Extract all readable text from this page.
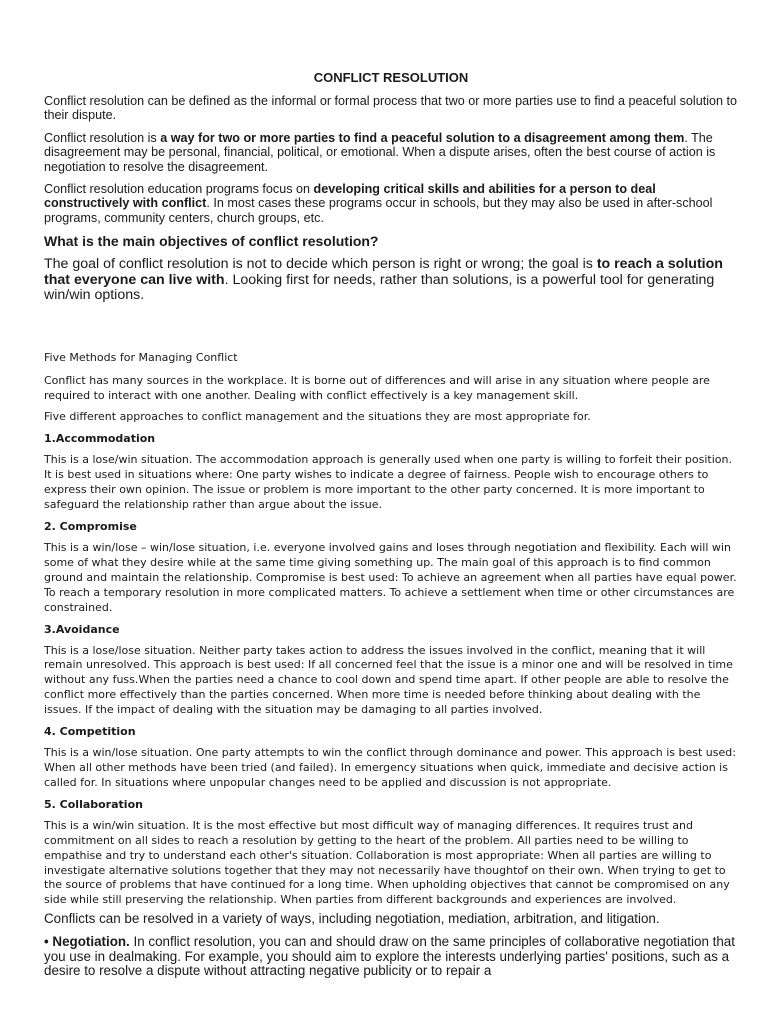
CONFLICT RESOLUTION

Conflict resolution can be defined as the informal or formal process that two or more parties use to find a peaceful solution to their dispute.

Conflict resolution is a way for two or more parties to find a peaceful solution to a disagreement among them. The disagreement may be personal, financial, political, or emotional. When a dispute arises, often the best course of action is negotiation to resolve the disagreement.

Conflict resolution education programs focus on developing critical skills and abilities for a person to deal constructively with conflict. In most cases these programs occur in schools, but they may also be used in after-school programs, community centers, church groups, etc.

What is the main objectives of conflict resolution?

The goal of conflict resolution is not to decide which person is right or wrong; the goal is to reach a solution that everyone can live with. Looking first for needs, rather than solutions, is a powerful tool for generating win/win options.

Five Methods for Managing Conflict

Conflict has many sources in the workplace. It is borne out of differences and will arise in any situation where people are required to interact with one another. Dealing with conflict effectively is a key management skill.

Five different approaches to conflict management and the situations they are most appropriate for.

1.Accommodation

This is a lose/win situation. The accommodation approach is generally used when one party is willing to forfeit their position. It is best used in situations where: One party wishes to indicate a degree of fairness. People wish to encourage others to express their own opinion. The issue or problem is more important to the other party concerned. It is more important to safeguard the relationship rather than argue about the issue.

2. Compromise

This is a win/lose – win/lose situation, i.e. everyone involved gains and loses through negotiation and flexibility. Each will win some of what they desire while at the same time giving something up. The main goal of this approach is to find common ground and maintain the relationship. Compromise is best used: To achieve an agreement when all parties have equal power. To reach a temporary resolution in more complicated matters. To achieve a settlement when time or other circumstances are constrained.

3.Avoidance

This is a lose/lose situation. Neither party takes action to address the issues involved in the conflict, meaning that it will remain unresolved. This approach is best used: If all concerned feel that the issue is a minor one and will be resolved in time without any fuss.When the parties need a chance to cool down and spend time apart. If other people are able to resolve the conflict more effectively than the parties concerned. When more time is needed before thinking about dealing with the issues. If the impact of dealing with the situation may be damaging to all parties involved.

4. Competition

This is a win/lose situation. One party attempts to win the conflict through dominance and power. This approach is best used: When all other methods have been tried (and failed). In emergency situations when quick, immediate and decisive action is called for. In situations where unpopular changes need to be applied and discussion is not appropriate.

5. Collaboration

This is a win/win situation. It is the most effective but most difficult way of managing differences. It requires trust and commitment on all sides to reach a resolution by getting to the heart of the problem. All parties need to be willing to empathise and try to understand each other's situation. Collaboration is most appropriate: When all parties are willing to investigate alternative solutions together that they may not necessarily have thoughtof on their own. When trying to get to the source of problems that have continued for a long time. When upholding objectives that cannot be compromised on any side while still preserving the relationship. When parties from different backgrounds and experiences are involved.

Conflicts can be resolved in a variety of ways, including negotiation, mediation, arbitration, and litigation.

• Negotiation. In conflict resolution, you can and should draw on the same principles of collaborative negotiation that you use in dealmaking. For example, you should aim to explore the interests underlying parties' positions, such as a desire to resolve a dispute without attracting negative publicity or to repair a
